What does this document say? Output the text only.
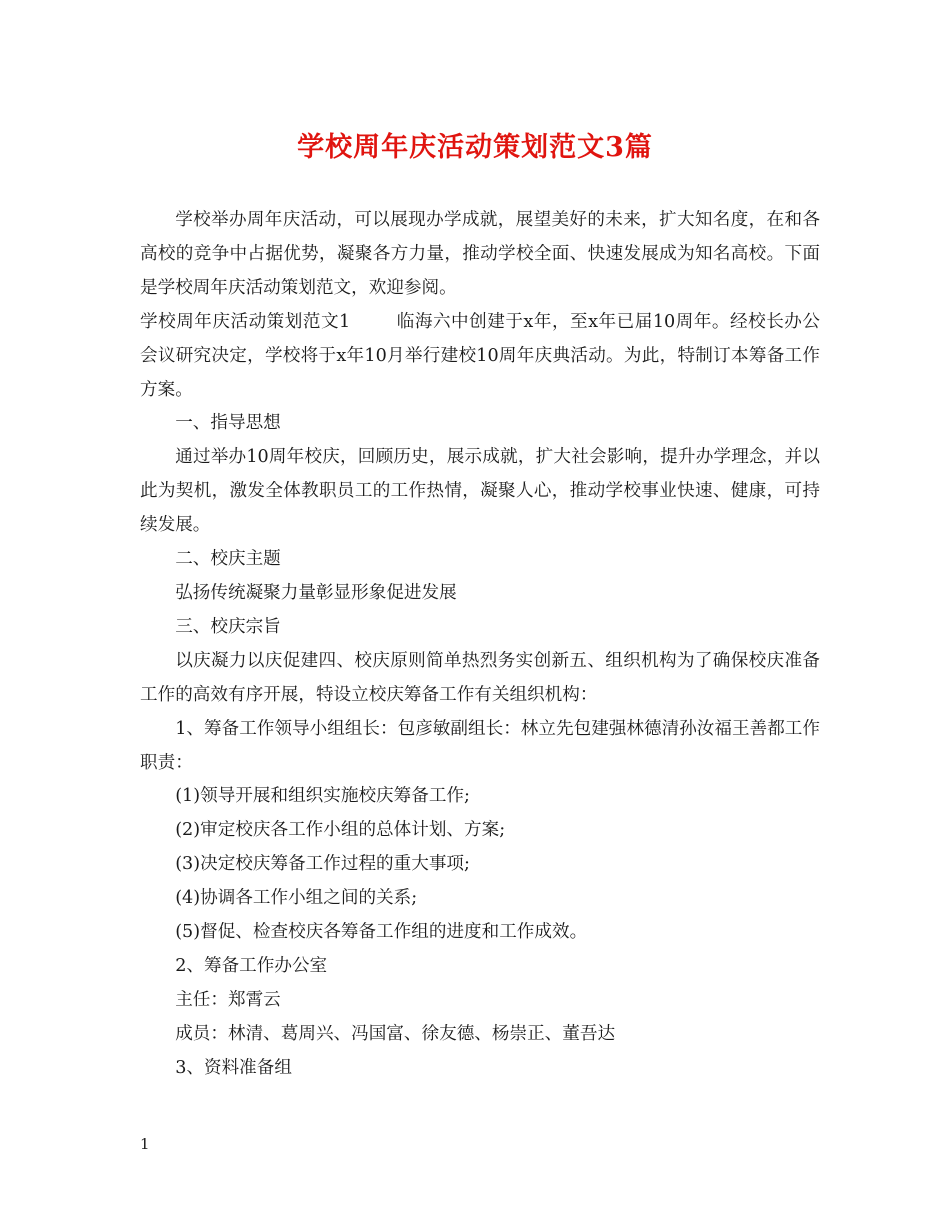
学校周年庆活动策划范文3篇

学校举办周年庆活动，可以展现办学成就，展望美好的未来，扩大知名度，在和各高校的竞争中占据优势，凝聚各方力量，推动学校全面、快速发展成为知名高校。下面是学校周年庆活动策划范文，欢迎参阅。

学校周年庆活动策划范文1	临海六中创建于x年，至x年已届10周年。经校长办公会议研究决定，学校将于x年10月举行建校10周年庆典活动。为此，特制订本筹备工作方案。

一、指导思想

通过举办10周年校庆，回顾历史，展示成就，扩大社会影响，提升办学理念，并以此为契机，激发全体教职员工的工作热情，凝聚人心，推动学校事业快速、健康，可持续发展。

二、校庆主题

弘扬传统凝聚力量彰显形象促进发展

三、校庆宗旨

以庆凝力以庆促建四、校庆原则简单热烈务实创新五、组织机构为了确保校庆准备工作的高效有序开展，特设立校庆筹备工作有关组织机构：

1、筹备工作领导小组组长：包彦敏副组长：林立先包建强林德清孙汝福王善都工作职责：

(1)领导开展和组织实施校庆筹备工作;

(2)审定校庆各工作小组的总体计划、方案;

(3)决定校庆筹备工作过程的重大事项;

(4)协调各工作小组之间的关系;

(5)督促、检查校庆各筹备工作组的进度和工作成效。

2、筹备工作办公室

主任：郑霄云

成员：林清、葛周兴、冯国富、徐友德、杨崇正、董吾达

3、资料准备组

1
